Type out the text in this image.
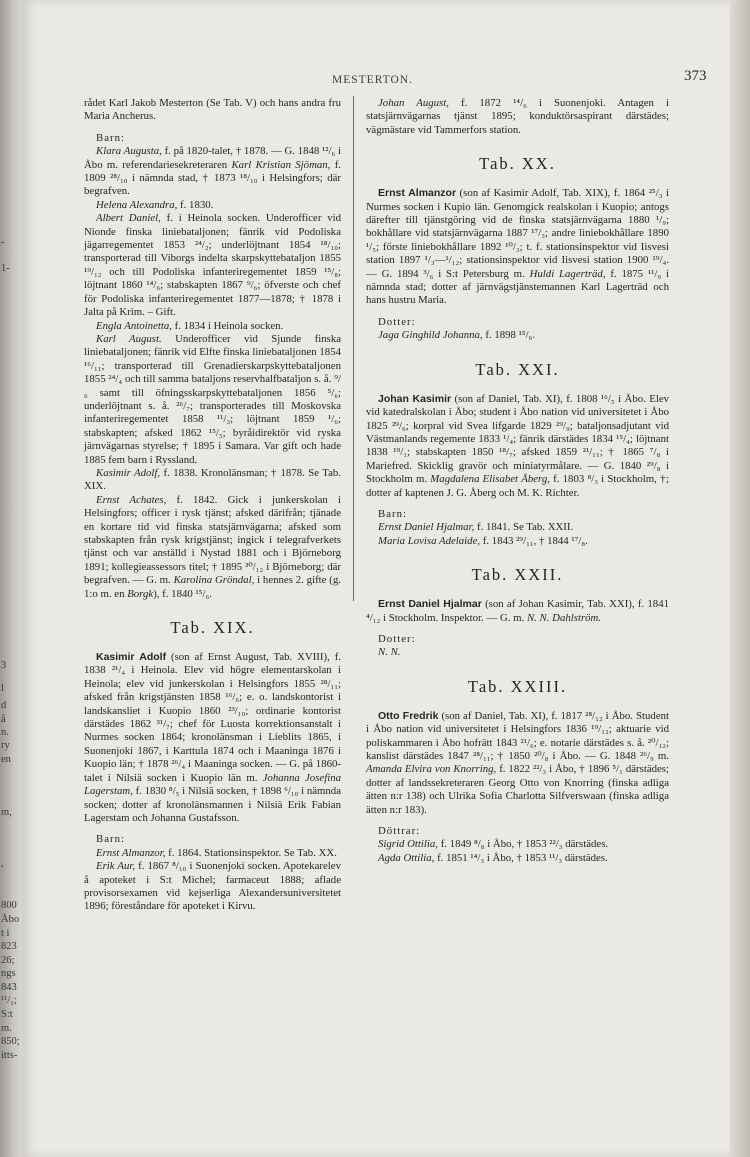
-
1-
3
l
d
å
n.
ry
en
m,
,
800
Åbo
t i
823
26;
ngs
843
¹¹/₁;
S:t
m.
850;
itts-
MESTERTON.	373

rådet Karl Jakob Mesterton (Se Tab. V) och hans andra fru Maria Ancherus.

Barn:

Klara Augusta, f. på 1820-talet, † 1878. — G. 1848 ¹²/₆ i Åbo m. referendariesekreteraren Karl Kristian Sjöman, f. 1809 ²⁸/₁₀ i nämnda stad, † 1873 ¹⁸/₁₀ i Helsingfors; där begrafven.

Helena Alexandra, f. 1830.

Albert Daniel, f. i Heinola socken. Underofficer vid Nionde finska liniebataljonen; fänrik vid Podoliska jägarregementet 1853 ²⁴/₂; underlöjtnant 1854 ¹⁸/₁₀; transporterad till Viborgs indelta skarpskyttebataljon 1855 ¹⁹/₁₂ och till Podoliska infanteriregementet 1859 ¹⁵/₈; löjtnant 1860 ¹⁴/₆; stabskapten 1867 ⁹/₆; öfverste och chef för Podoliska infanteriregementet 1877—1878; † 1878 i Jalta på Krim. – Gift.

Engla Antoinetta, f. 1834 i Heinola socken.

Karl August. Underofficer vid Sjunde finska liniebataljonen; fänrik vid Elfte finska liniebataljonen 1854 ¹⁶/₁₁; transporterad till Grenadierskarpskyttebataljonen 1855 ²⁴/₄ och till samma bataljons reservhalfbataljon s. å. ⁹/₆ samt till öfningsskarpskyttebataljonen 1856 ⁵/₆; underlöjtnant s. å. ²⁶/₇; transporterades till Moskovska infanteriregementet 1858 ¹¹/₃; löjtnant 1859 ¹/₆; stabskapten; afsked 1862 ¹⁵/₅; byråidirektör vid ryska järnvägarnas styrelse; † 1895 i Samara. Var gift och hade 1885 fem barn i Ryssland.

Kasimir Adolf, f. 1838. Kronolänsman; † 1878. Se Tab. XIX.

Ernst Achates, f. 1842. Gick i junkerskolan i Helsingfors; officer i rysk tjänst; afsked därifrån; tjänade en kortare tid vid finska statsjärnvägarna; afsked som stabskapten från rysk krigstjänst; ingick i telegrafverkets tjänst och var anställd i Nystad 1881 och i Björneborg 1891; kollegieassessors titel; † 1895 ³⁰/₁₂ i Björneborg; där begrafven. — G. m. Karolina Gröndal, i hennes 2. gifte (g. 1:o m. en Borgk), f. 1840 ¹⁵/₆.

Tab. XIX.

Kasimir Adolf (son af Ernst August, Tab. XVIII), f. 1838 ²¹/₄ i Heinola. Elev vid högre elementarskolan i Heinola; elev vid junkerskolan i Helsingfors 1855 ²⁸/₁₁; afsked från krigstjänsten 1858 ¹⁶/₆; e. o. landskontorist i landskansliet i Kuopio 1860 ²³/₁₀; ordinarie kontorist därstädes 1862 ³¹/₇; chef för Luosta korrektionsanstalt i Nurmes socken 1864; kronolänsman i Lieblits 1865, i Suonenjoki 1867, i Karttula 1874 och i Maaninga 1876 i Kuopio län; † 1878 ²⁶/₄ i Maaninga socken. — G. på 1860-talet i Nilsiä socken i Kuopio län m. Johanna Josefina Lagerstam, f. 1830 ⁸/₅ i Nilsiä socken, † 1898 ⁶/₁₀ i nämnda socken; dotter af kronolänsmannen i Nilsiä Erik Fabian Lagerstam och Johanna Gustafsson.

Barn:

Ernst Almanzor, f. 1864. Stationsinspektor. Se Tab. XX.

Erik Aur, f. 1867 ⁸/₁₀ i Suonenjoki socken. Apotekarelev å apoteket i S:t Michel; farmaceut 1888; aflade provisorsexamen vid kejserliga Alexandersuniversitetet 1896; föreståndare för apoteket i Kirvu.

Johan August, f. 1872 ¹⁴/₆ i Suonenjoki. Antagen i statsjärnvägarnas tjänst 1895; konduktörsaspirant därstädes; vägmästare vid Tammerfors station.

Tab. XX.

Ernst Almanzor (son af Kasimir Adolf, Tab. XIX), f. 1864 ²⁵/₃ i Nurmes socken i Kupio län. Genomgick realskolan i Kuopio; antogs därefter till tjänstgöring vid de finska statsjärnvägarna 1880 ¹/₉; bokhållare vid statsjärnvägarna 1887 ¹⁷/₃; andre liniebokhållare 1890 ¹/₅; förste liniebokhållare 1892 ¹⁰/₃; t. f. stationsinspektor vid Iisvesi station 1897 ¹/₃—¹/₁₂; stationsinspektor vid Iisvesi station 1900 ¹⁹/₄. — G. 1894 ³/₆ i S:t Petersburg m. Huldi Lagerträd, f. 1875 ¹¹/₉ i nämnda stad; dotter af järnvägstjänstemannen Karl Lagerträd och hans hustru Maria.

Dotter:

Jaga Ginghild Johanna, f. 1898 ¹⁵/₆.

Tab. XXI.

Johan Kasimir (son af Daniel, Tab. XI), f. 1808 ¹⁶/₅ i Åbo. Elev vid katedralskolan i Åbo; student i Åbo nation vid universitetet i Åbo 1825 ²⁹/₆; korpral vid Svea lifgarde 1829 ²⁹/₉; bataljonsadjutant vid Västmanlands regemente 1833 ¹/₄; fänrik därstädes 1834 ¹⁵/₄; löjtnant 1838 ¹⁹/₁; stabskapten 1850 ¹⁸/₇; afsked 1859 ²¹/₁₁; † 1865 ⁷/₈ i Mariefred. Skicklig gravör och miniatyrmålare. — G. 1840 ²⁹/₈ i Stockholm m. Magdalena Elisabet Åberg, f. 1803 ⁸/₃ i Stockholm, †; dotter af kaptenen J. G. Åberg och M. K. Richter.

Barn:

Ernst Daniel Hjalmar, f. 1841. Se Tab. XXII.

Maria Lovisa Adelaide, f. 1843 ²⁹/₁₁, † 1844 ¹⁷/₈.

Tab. XXII.

Ernst Daniel Hjalmar (son af Johan Kasimir, Tab. XXI), f. 1841 ⁴/₁₂ i Stockholm. Inspektor. — G. m. N. N. Dahlström.

Dotter:

N. N.

Tab. XXIII.

Otto Fredrik (son af Daniel, Tab. XI), f. 1817 ²⁸/₁₂ i Åbo. Student i Åbo nation vid universitetet i Helsingfors 1836 ¹⁹/₁₂; aktuarie vid poliskammaren i Åbo hofrätt 1843 ²¹/₆; e. notarie därstädes s. å. ²⁰/₁₂; kanslist därstädes 1847 ²⁸/₁₁; † 1850 ²⁰/₈ i Åbo. — G. 1848 ²⁶/₉ m. Amanda Elvira von Knorring, f. 1822 ²²/₃ i Åbo, † 1896 ⁵/₁ därstädes; dotter af landssekreteraren Georg Otto von Knorring (finska adliga ätten n:r 138) och Ulrika Sofia Charlotta Silfverswaan (finska adliga ätten n:r 183).

Döttrar:

Sigrid Ottilia, f. 1849 ⁸/₈ i Åbo, † 1853 ²²/₃ därstädes.

Agda Ottilia, f. 1851 ¹⁴/₃ i Åbo, † 1853 ¹¹/₃ därstädes.
